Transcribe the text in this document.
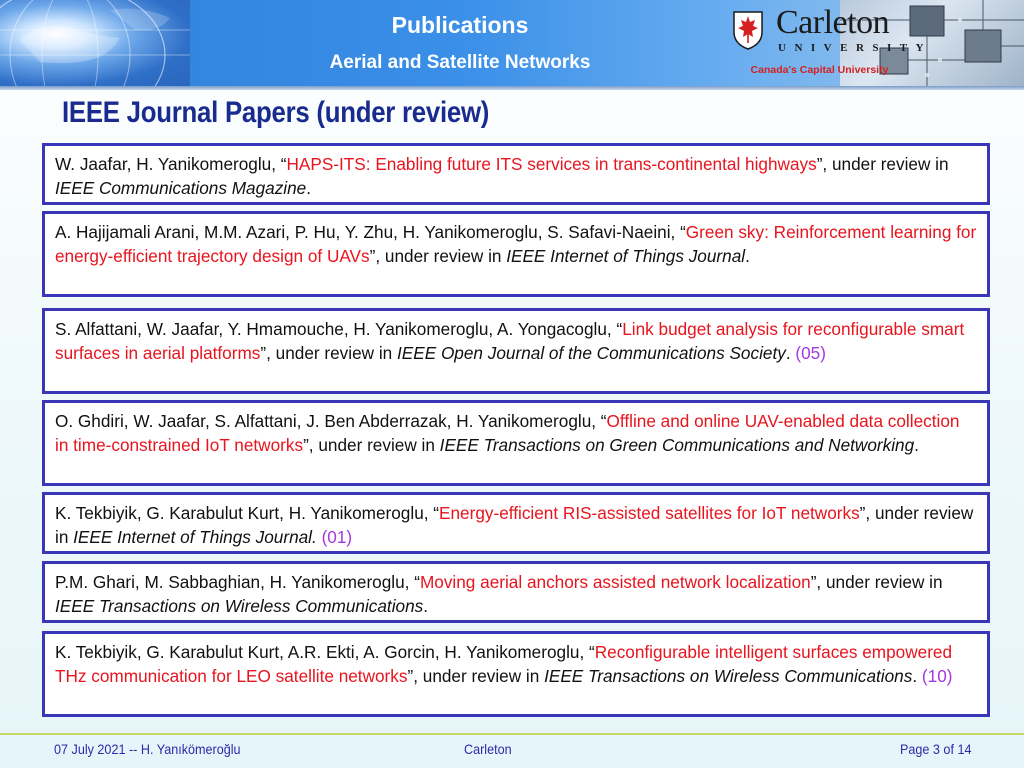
Publications
Aerial and Satellite Networks
Carleton
UNIVERSITY
Canada's Capital University
IEEE Journal Papers (under review)
W. Jaafar, H. Yanikomeroglu, “HAPS-ITS: Enabling future ITS services in trans-continental highways”, under review in IEEE Communications Magazine.
A. Hajijamali Arani, M.M. Azari, P. Hu, Y. Zhu, H. Yanikomeroglu, S. Safavi-Naeini, “Green sky: Reinforcement learning for energy-efficient trajectory design of UAVs”, under review in IEEE Internet of Things Journal.
S. Alfattani, W. Jaafar, Y. Hmamouche, H. Yanikomeroglu, A. Yongacoglu, “Link budget analysis for reconfigurable smart surfaces in aerial platforms”, under review in IEEE Open Journal of the Communications Society. (05)
O. Ghdiri, W. Jaafar, S. Alfattani, J. Ben Abderrazak, H. Yanikomeroglu, “Offline and online UAV-enabled data collection in time-constrained IoT networks”, under review in IEEE Transactions on Green Communications and Networking.
K. Tekbiyik, G. Karabulut Kurt, H. Yanikomeroglu, “Energy-efficient RIS-assisted satellites for IoT networks”, under review in IEEE Internet of Things Journal. (01)
P.M. Ghari, M. Sabbaghian, H. Yanikomeroglu, “Moving aerial anchors assisted network localization”, under review in IEEE Transactions on Wireless Communications.
K. Tekbiyik, G. Karabulut Kurt, A.R. Ekti, A. Gorcin, H. Yanikomeroglu, “Reconfigurable intelligent surfaces empowered THz communication for LEO satellite networks”, under review in IEEE Transactions on Wireless Communications. (10)
07 July 2021 -- H. Yanıkömeroğlu	Carleton	Page 3 of 14
